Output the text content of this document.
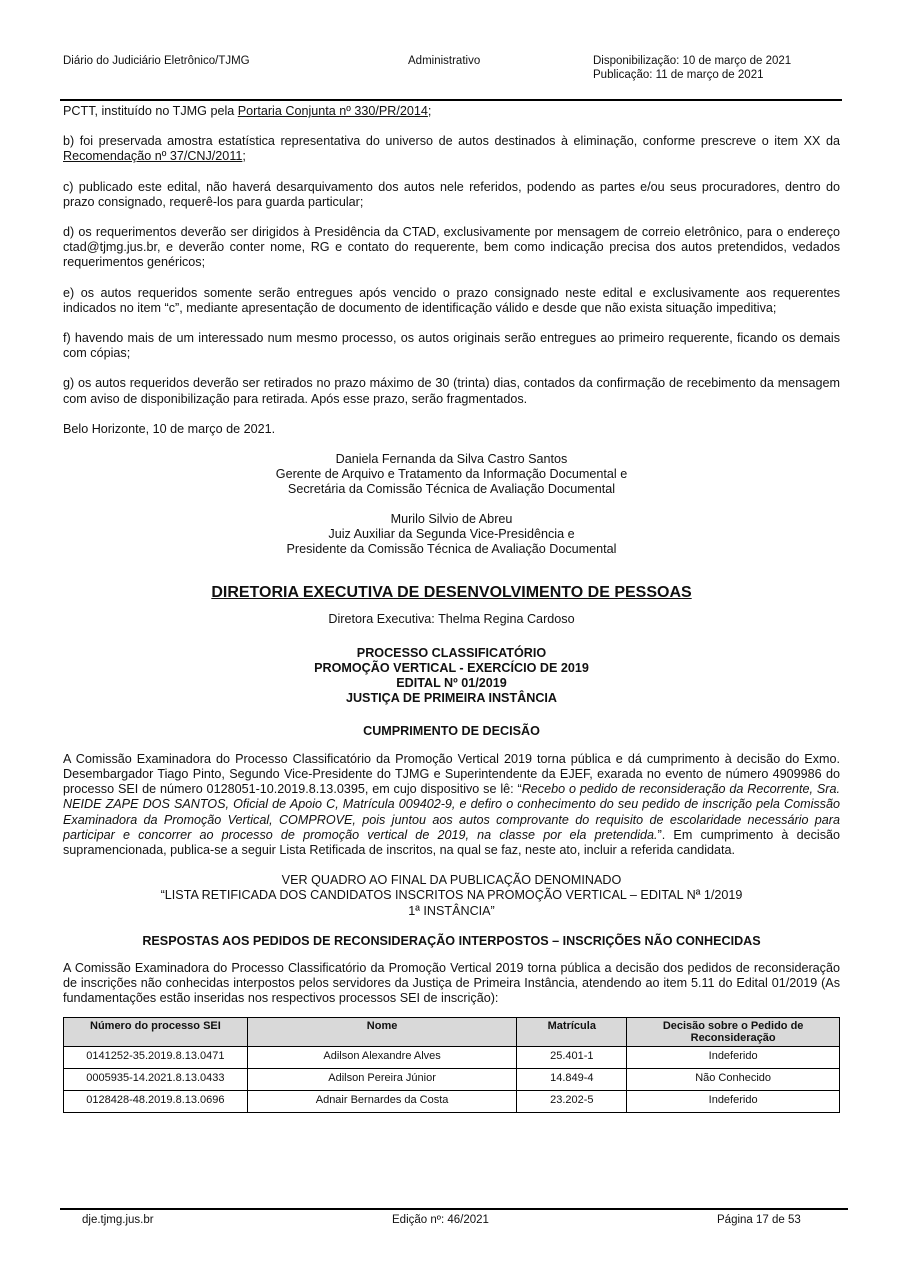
Diário do Judiciário Eletrônico/TJMG	Administrativo	Disponibilização: 10 de março de 2021
Publicação: 11 de março de 2021

PCTT, instituído no TJMG pela Portaria Conjunta nº 330/PR/2014;

b) foi preservada amostra estatística representativa do universo de autos destinados à eliminação, conforme prescreve o item XX da Recomendação nº 37/CNJ/2011;

c) publicado este edital, não haverá desarquivamento dos autos nele referidos, podendo as partes e/ou seus procuradores, dentro do prazo consignado, requerê-los para guarda particular;

d) os requerimentos deverão ser dirigidos à Presidência da CTAD, exclusivamente por mensagem de correio eletrônico, para o endereço ctad@tjmg.jus.br, e deverão conter nome, RG e contato do requerente, bem como indicação precisa dos autos pretendidos, vedados requerimentos genéricos;

e) os autos requeridos somente serão entregues após vencido o prazo consignado neste edital e exclusivamente aos requerentes indicados no item “c”, mediante apresentação de documento de identificação válido e desde que não exista situação impeditiva;

f) havendo mais de um interessado num mesmo processo, os autos originais serão entregues ao primeiro requerente, ficando os demais com cópias;

g) os autos requeridos deverão ser retirados no prazo máximo de 30 (trinta) dias, contados da confirmação de recebimento da mensagem com aviso de disponibilização para retirada. Após esse prazo, serão fragmentados.

Belo Horizonte, 10 de março de 2021.

Daniela Fernanda da Silva Castro Santos
Gerente de Arquivo e Tratamento da Informação Documental e
Secretária da Comissão Técnica de Avaliação Documental
Murilo Silvio de Abreu
Juiz Auxiliar da Segunda Vice-Presidência e
Presidente da Comissão Técnica de Avaliação Documental
DIRETORIA EXECUTIVA DE DESENVOLVIMENTO DE PESSOAS
Diretora Executiva: Thelma Regina Cardoso
PROCESSO CLASSIFICATÓRIO
PROMOÇÃO VERTICAL - EXERCÍCIO DE 2019
EDITAL Nº 01/2019
JUSTIÇA DE PRIMEIRA INSTÂNCIA
CUMPRIMENTO DE DECISÃO

A Comissão Examinadora do Processo Classificatório da Promoção Vertical 2019 torna pública e dá cumprimento à decisão do Exmo. Desembargador Tiago Pinto, Segundo Vice-Presidente do TJMG e Superintendente da EJEF, exarada no evento de número 4909986 do processo SEI de número 0128051-10.2019.8.13.0395, em cujo dispositivo se lê: “Recebo o pedido de reconsideração da Recorrente, Sra. NEIDE ZAPE DOS SANTOS, Oficial de Apoio C, Matrícula 009402-9, e defiro o conhecimento do seu pedido de inscrição pela Comissão Examinadora da Promoção Vertical, COMPROVE, pois juntou aos autos comprovante do requisito de escolaridade necessário para participar e concorrer ao processo de promoção vertical de 2019, na classe por ela pretendida.”. Em cumprimento à decisão supramencionada, publica-se a seguir Lista Retificada de inscritos, na qual se faz, neste ato, incluir a referida candidata.

VER QUADRO AO FINAL DA PUBLICAÇÃO DENOMINADO
“LISTA RETIFICADA DOS CANDIDATOS INSCRITOS NA PROMOÇÃO VERTICAL – EDITAL Nª 1/2019
1ª INSTÂNCIA”
RESPOSTAS AOS PEDIDOS DE RECONSIDERAÇÃO INTERPOSTOS – INSCRIÇÕES NÃO CONHECIDAS

A Comissão Examinadora do Processo Classificatório da Promoção Vertical 2019 torna pública a decisão dos pedidos de reconsideração de inscrições não conhecidas interpostos pelos servidores da Justiça de Primeira Instância, atendendo ao item 5.11 do Edital 01/2019 (As fundamentações estão inseridas nos respectivos processos SEI de inscrição):

Número do processo SEI	Nome	Matrícula	Decisão sobre o Pedido de Reconsideração
0141252-35.2019.8.13.0471	Adilson Alexandre Alves	25.401-1	Indeferido
0005935-14.2021.8.13.0433	Adilson Pereira Júnior	14.849-4	Não Conhecido
0128428-48.2019.8.13.0696	Adnair Bernardes da Costa	23.202-5	Indeferido
dje.tjmg.jus.br	Edição nº: 46/2021	Página 17 de 53
